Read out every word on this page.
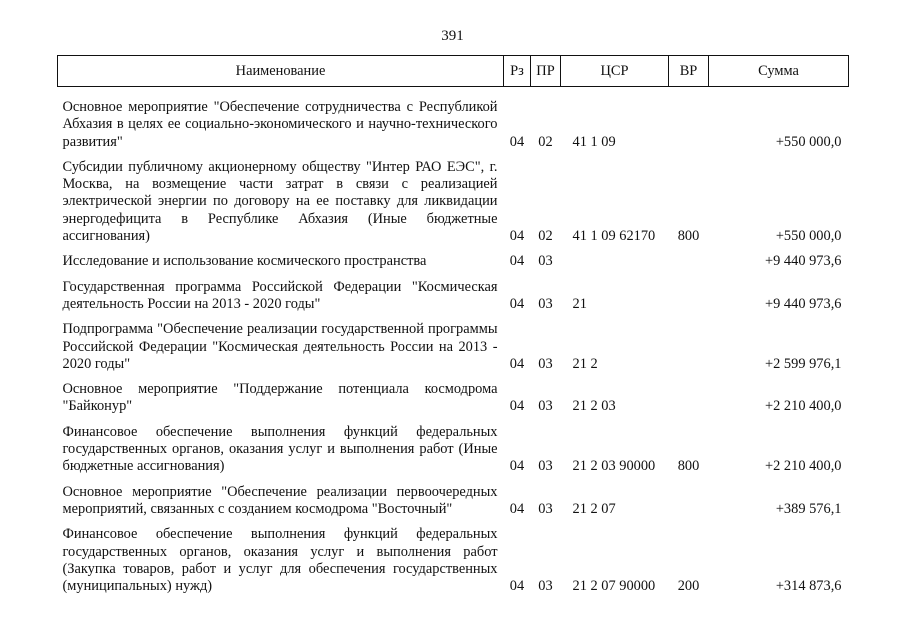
391
Наименование	Рз	ПР	ЦСР	ВР	Сумма

Основное мероприятие "Обеспечение сотрудничества с Республикой Абхазия в целях ее социально-экономического и научно-технического развития"	04	02	41 1 09		+550 000,0
Субсидии публичному акционерному обществу "Интер РАО ЕЭС", г. Москва, на возмещение части затрат в связи с реализацией электрической энергии по договору на ее поставку для ликвидации энергодефицита в Республике Абхазия (Иные бюджетные ассигнования)	04	02	41 1 09 62170	800	+550 000,0
Исследование и использование космического пространства	04	03			+9 440 973,6
Государственная программа Российской Федерации "Космическая деятельность России на 2013 - 2020 годы"	04	03	21		+9 440 973,6
Подпрограмма "Обеспечение реализации государственной программы Российской Федерации "Космическая деятельность России на 2013 - 2020 годы"	04	03	21 2		+2 599 976,1
Основное мероприятие "Поддержание потенциала космодрома "Байконур"	04	03	21 2 03		+2 210 400,0
Финансовое обеспечение выполнения функций федеральных государственных органов, оказания услуг и выполнения работ (Иные бюджетные ассигнования)	04	03	21 2 03 90000	800	+2 210 400,0
Основное мероприятие "Обеспечение реализации первоочередных мероприятий, связанных с созданием космодрома "Восточный"	04	03	21 2 07		+389 576,1
Финансовое обеспечение выполнения функций федеральных государственных органов, оказания услуг и выполнения работ (Закупка товаров, работ и услуг для обеспечения государственных (муниципальных) нужд)	04	03	21 2 07 90000	200	+314 873,6
